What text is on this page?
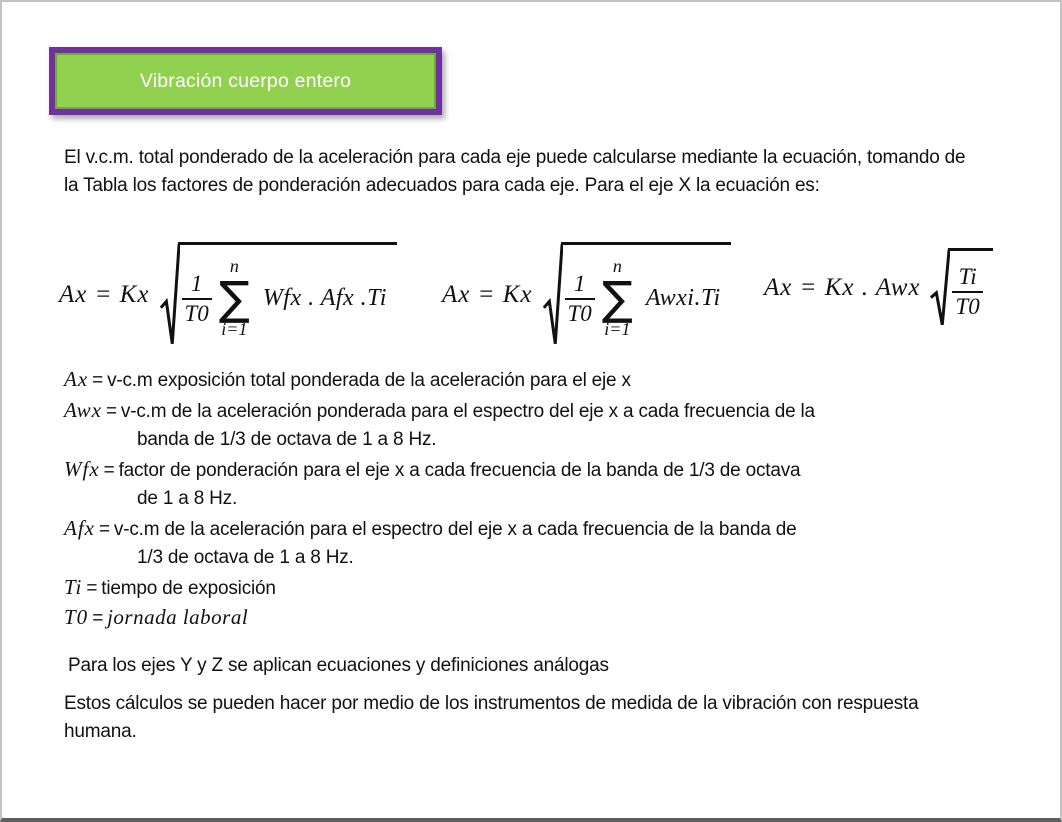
Vibración cuerpo entero
El v.c.m. total ponderado de la aceleración para cada eje puede calcularse mediante la ecuación, tomando de la Tabla los factores de ponderación adecuados para cada eje. Para el eje X la ecuación es:
Ax = Kx $\frac{1}{T0}$
n
∑
i=1
Wfx . Afx .Ti Ax = Kx $\frac{1}{T0}$
n
∑
i=1
Awxi.Ti Ax = Kx . Awx $\frac{Ti}{T0}$
Ax = v-c.m exposición total ponderada de la aceleración para el eje x
Awx = v-c.m de la aceleración ponderada para el espectro del eje x a cada frecuencia de la
banda de 1/3 de octava de 1 a 8 Hz.
Wfx = factor de ponderación para el eje x a cada frecuencia de la banda de 1/3 de octava
de 1 a 8 Hz.
Afx = v-c.m de la aceleración para el espectro del eje x a cada frecuencia de la banda de
1/3 de octava de 1 a 8 Hz.
Ti = tiempo de exposición
T0 = jornada laboral
Para los ejes Y y Z se aplican ecuaciones y definiciones análogas
Estos cálculos se pueden hacer por medio de los instrumentos de medida de la vibración con respuesta humana.
